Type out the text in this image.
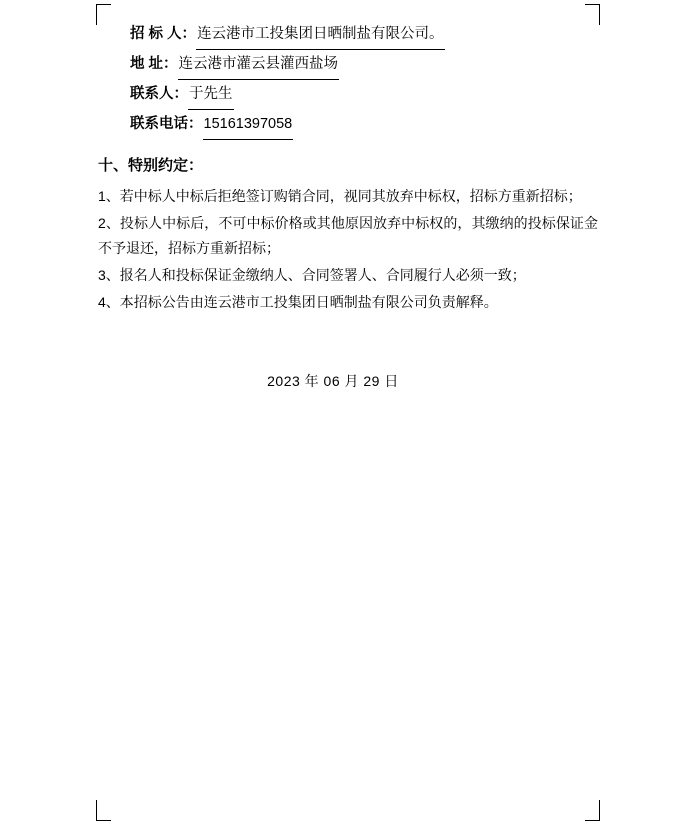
招 标 人： 连云港市工投集团日晒制盐有限公司。
地 址： 连云港市灌云县灌西盐场
联系人： 于先生
联系电话： 15161397058
十、特别约定：

1、若中标人中标后拒绝签订购销合同，视同其放弃中标权，招标方重新招标；

2、投标人中标后，不可中标价格或其他原因放弃中标权的，其缴纳的投标保证金不予退还，招标方重新招标；

3、报名人和投标保证金缴纳人、合同签署人、合同履行人必须一致；

4、本招标公告由连云港市工投集团日晒制盐有限公司负责解释。

2023 年 06 月 29 日
